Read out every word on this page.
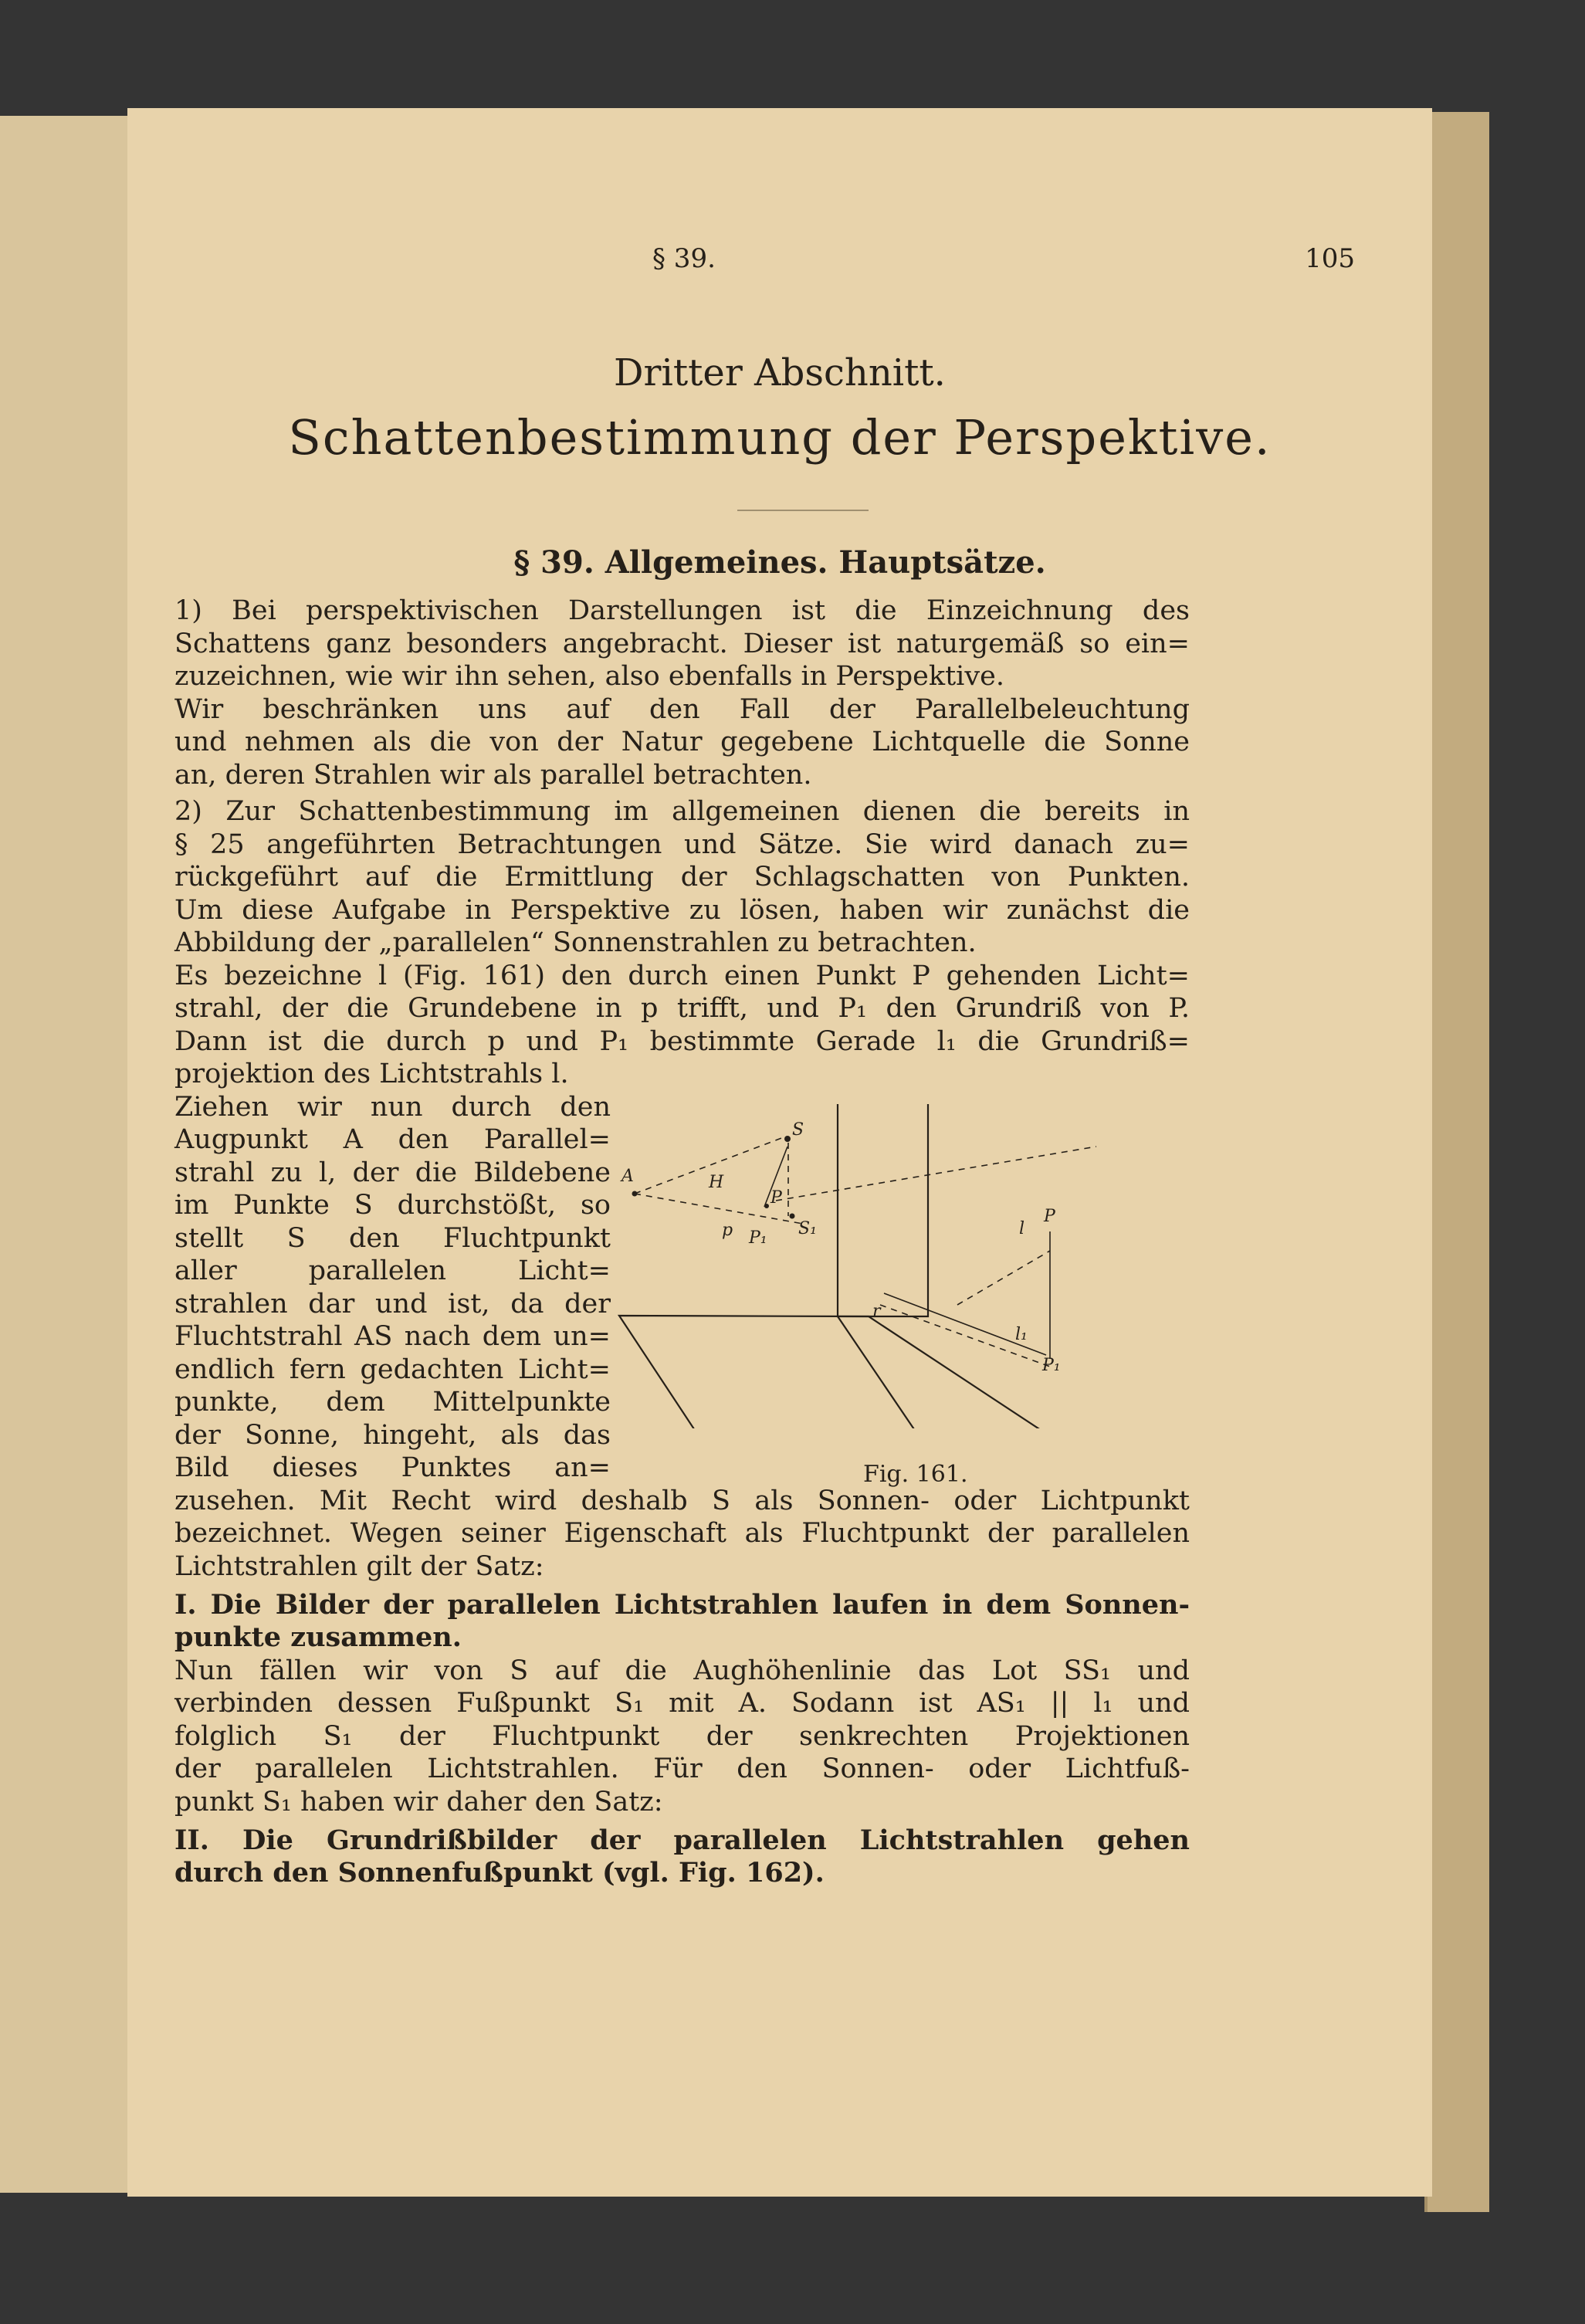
§ 39.	105
Dritter Abschnitt.
Schattenbestimmung der Perspektive.
§ 39. Allgemeines. Hauptsätze.
1) Bei perspektivischen Darstellungen ist die Einzeichnung des
Schattens ganz besonders angebracht. Dieser ist naturgemäß so ein=
zuzeichnen, wie wir ihn sehen, also ebenfalls in Perspektive.
Wir beschränken uns auf den Fall der Parallelbeleuchtung
und nehmen als die von der Natur gegebene Lichtquelle die Sonne
an, deren Strahlen wir als parallel betrachten.
2) Zur Schattenbestimmung im allgemeinen dienen die bereits in
§ 25 angeführten Betrachtungen und Sätze. Sie wird danach zu=
rückgeführt auf die Ermittlung der Schlagschatten von Punkten.
Um diese Aufgabe in Perspektive zu lösen, haben wir zunächst die
Abbildung der „parallelen“ Sonnenstrahlen zu betrachten.
Es bezeichne l (Fig. 161) den durch einen Punkt P gehenden Licht=
strahl, der die Grundebene in p trifft, und P₁ den Grundriß von P.
Dann ist die durch p und P₁ bestimmte Gerade l₁ die Grundriß=
projektion des Lichtstrahls l.
Ziehen wir nun durch den
Augpunkt A den Parallel=
strahl zu l, der die Bildebene
im Punkte S durchstößt, so
stellt S den Fluchtpunkt
aller parallelen Licht=
strahlen dar und ist, da der
Fluchtstrahl AS nach dem un=
endlich fern gedachten Licht=
punkte, dem Mittelpunkte
der Sonne, hingeht, als das
Bild dieses Punktes an=
zusehen. Mit Recht wird deshalb S als Sonnen- oder Lichtpunkt
bezeichnet. Wegen seiner Eigenschaft als Fluchtpunkt der parallelen
Lichtstrahlen gilt der Satz:
I. Die Bilder der parallelen Lichtstrahlen laufen in dem Sonnen-
punkte zusammen.
Nun fällen wir von S auf die Aughöhenlinie das Lot SS₁ und
verbinden dessen Fußpunkt S₁ mit A. Sodann ist AS₁ || l₁ und
folglich S₁ der Fluchtpunkt der senkrechten Projektionen
der parallelen Lichtstrahlen. Für den Sonnen- oder Lichtfuß-
punkt S₁ haben wir daher den Satz:
II. Die Grundrißbilder der parallelen Lichtstrahlen gehen
durch den Sonnenfußpunkt (vgl. Fig. 162).
A	H
S
P
p P₁ S₁	l
P
l₁
P₁
r
Fig. 161.
